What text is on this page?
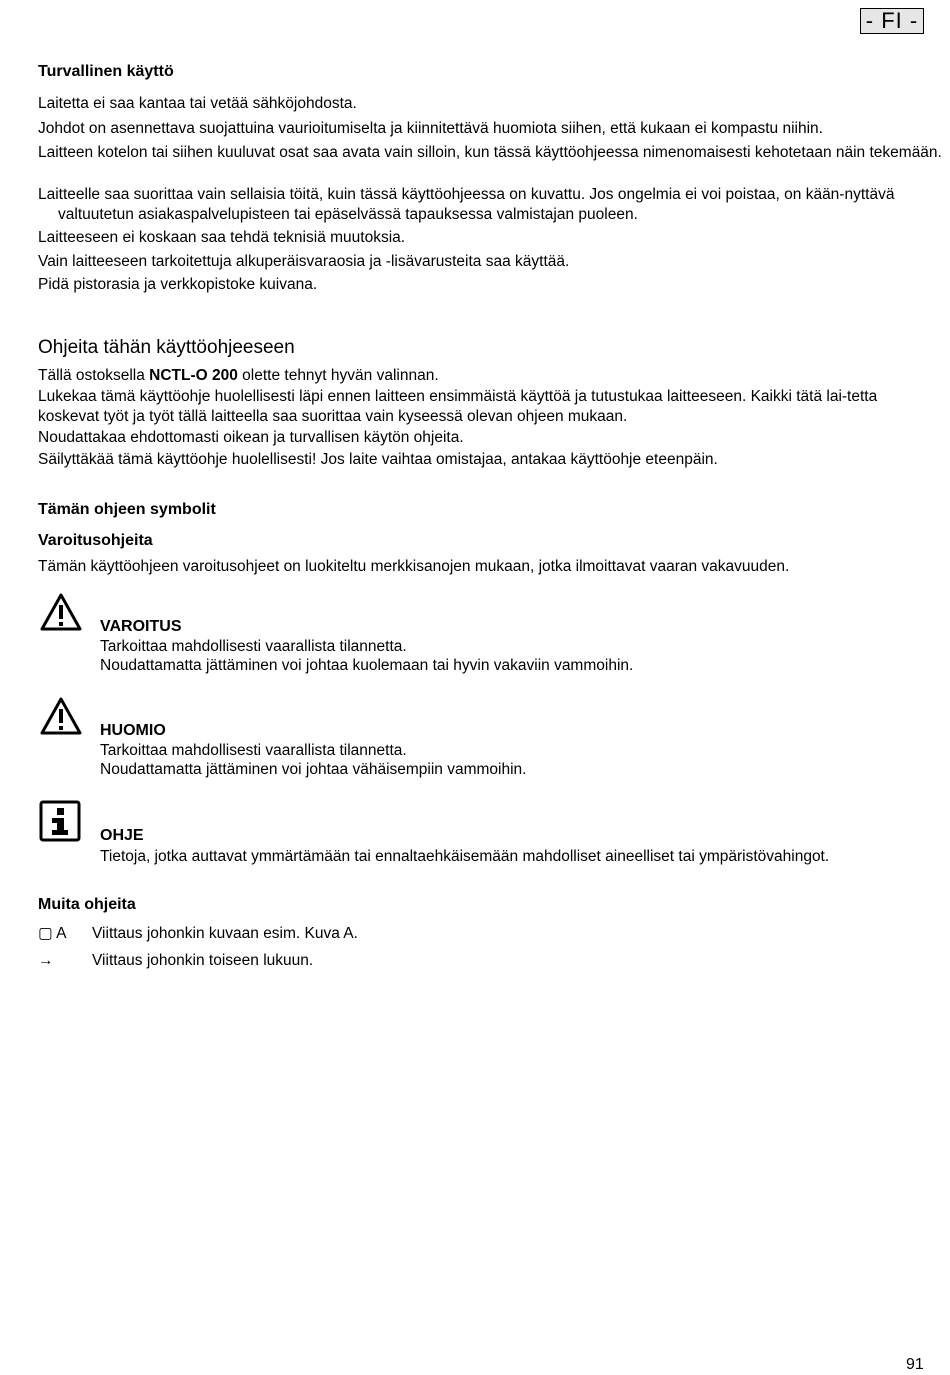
- FI -
Turvallinen käyttö
Laitetta ei saa kantaa tai vetää sähköjohdosta.
Johdot on asennettava suojattuina vaurioitumiselta ja kiinnitettävä huomiota siihen, että kukaan ei kompastu niihin.
Laitteen kotelon tai siihen kuuluvat osat saa avata vain silloin, kun tässä käyttöohjeessa nimenomaisesti kehotetaan näin tekemään.
Laitteelle saa suorittaa vain sellaisia töitä, kuin tässä käyttöohjeessa on kuvattu. Jos ongelmia ei voi poistaa, on kään-nyttävä valtuutetun asiakaspalvelupisteen tai epäselvässä tapauksessa valmistajan puoleen.
Laitteeseen ei koskaan saa tehdä teknisiä muutoksia.
Vain laitteeseen tarkoitettuja alkuperäisvaraosia ja -lisävarusteita saa käyttää.
Pidä pistorasia ja verkkopistoke kuivana.
Ohjeita tähän käyttöohjeeseen
Tällä ostoksella NCTL-O 200 olette tehnyt hyvän valinnan.
Lukekaa tämä käyttöohje huolellisesti läpi ennen laitteen ensimmäistä käyttöä ja tutustukaa laitteeseen. Kaikki tätä lai-tetta koskevat työt ja työt tällä laitteella saa suorittaa vain kyseessä olevan ohjeen mukaan.
Noudattakaa ehdottomasti oikean ja turvallisen käytön ohjeita.
Säilyttäkää tämä käyttöohje huolellisesti! Jos laite vaihtaa omistajaa, antakaa käyttöohje eteenpäin.
Tämän ohjeen symbolit
Varoitusohjeita
Tämän käyttöohjeen varoitusohjeet on luokiteltu merkkisanojen mukaan, jotka ilmoittavat vaaran vakavuuden.
VAROITUS
Tarkoittaa mahdollisesti vaarallista tilannetta.
Noudattamatta jättäminen voi johtaa kuolemaan tai hyvin vakaviin vammoihin.
HUOMIO
Tarkoittaa mahdollisesti vaarallista tilannetta.
Noudattamatta jättäminen voi johtaa vähäisempiin vammoihin.
OHJE
Tietoja, jotka auttavat ymmärtämään tai ennaltaehkäisemään mahdolliset aineelliset tai ympäristövahingot.
Muita ohjeita
▢ A Viittaus johonkin kuvaan esim. Kuva A.
→ Viittaus johonkin toiseen lukuun.
91
